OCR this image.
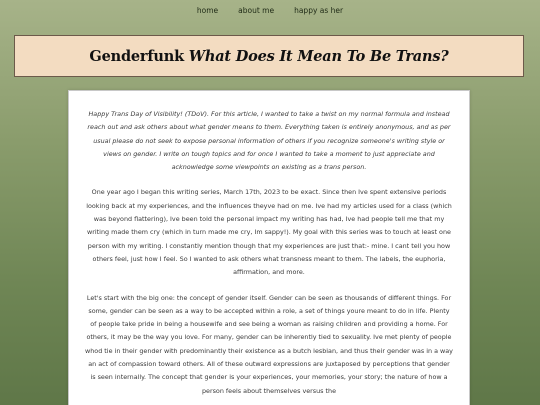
home	about me	happy as her
Genderfunk What Does It Mean To Be Trans?

Happy Trans Day of Visibility! (TDoV). For this article, I wanted to take a twist on my normal formula and instead reach out and ask others about what gender means to them. Everything taken is entirely anonymous, and as per usual please do not seek to expose personal information of others if you recognize someone's writing style or views on gender. I write on tough topics and for once I wanted to take a moment to just appreciate and acknowledge some viewpoints on existing as a trans person.

One year ago I began this writing series, March 17th, 2023 to be exact. Since then Ive spent extensive periods looking back at my experiences, and the influences theyve had on me. Ive had my articles used for a class (which was beyond flattering), Ive been told the personal impact my writing has had, Ive had people tell me that my writing made them cry (which in turn made me cry, Im sappy!). My goal with this series was to touch at least one person with my writing. I constantly mention though that my experiences are just that:- mine. I cant tell you how others feel, just how I feel. So I wanted to ask others what transness meant to them. The labels, the euphoria, affirmation, and more.

Let's start with the big one: the concept of gender itself. Gender can be seen as thousands of different things. For some, gender can be seen as a way to be accepted within a role, a set of things youre meant to do in life. Plenty of people take pride in being a housewife and see being a woman as raising children and providing a home. For others, it may be the way you love. For many, gender can be inherently tied to sexuality. Ive met plenty of people whod tie in their gender with predominantly their existence as a butch lesbian, and thus their gender was in a way an act of compassion toward others. All of these outward expressions are juxtaposed by perceptions that gender is seen internally. The concept that gender is your experiences, your memories, your story; the nature of how a person feels about themselves versus the
